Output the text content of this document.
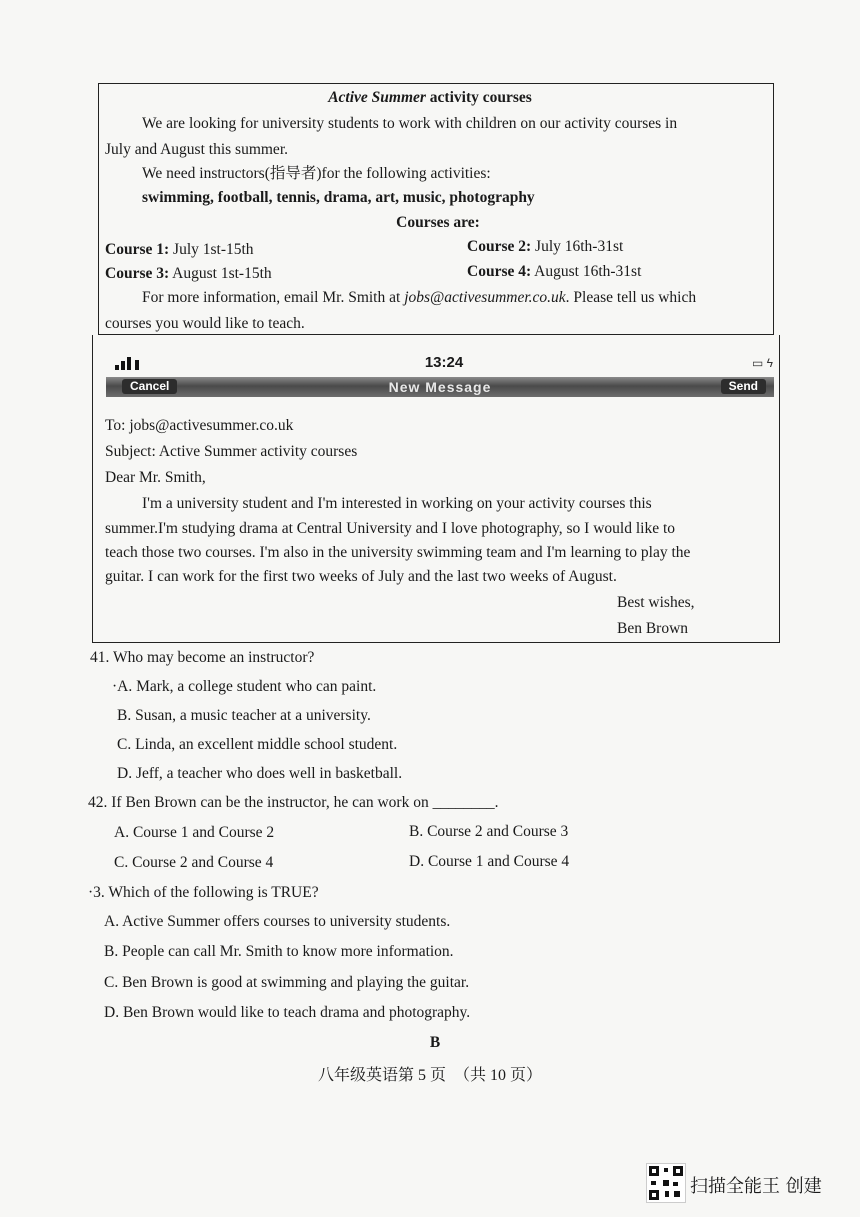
Active Summer activity courses
We are looking for university students to work with children on our activity courses in
July and August this summer.
We need instructors(指导者)for the following activities:
swimming, football, tennis, drama, art, music, photography
Courses are:
Course 1: July 1st-15th	Course 2: July 16th-31st
Course 3: August 1st-15th	Course 4: August 16th-31st
For more information, email Mr. Smith at jobs@activesummer.co.uk. Please tell us which
courses you would like to teach.
13:24	▭ ϟ
Cancel	New Message	Send
To: jobs@activesummer.co.uk
Subject: Active Summer activity courses
Dear Mr. Smith,
I'm a university student and I'm interested in working on your activity courses this
summer.I'm studying drama at Central University and I love photography, so I would like to
teach those two courses. I'm also in the university swimming team and I'm learning to play the
guitar. I can work for the first two weeks of July and the last two weeks of August.
Best wishes,
Ben Brown
41. Who may become an instructor?
·A. Mark, a college student who can paint.
B. Susan, a music teacher at a university.
C. Linda, an excellent middle school student.
D. Jeff, a teacher who does well in basketball.
42. If Ben Brown can be the instructor, he can work on ________.
A. Course 1 and Course 2	B. Course 2 and Course 3
C. Course 2 and Course 4	D. Course 1 and Course 4
·3. Which of the following is TRUE?
A. Active Summer offers courses to university students.
B. People can call Mr. Smith to know more information.
C. Ben Brown is good at swimming and playing the guitar.
D. Ben Brown would like to teach drama and photography.
B
八年级英语第 5 页　（共 10 页）
扫描全能王 创建
